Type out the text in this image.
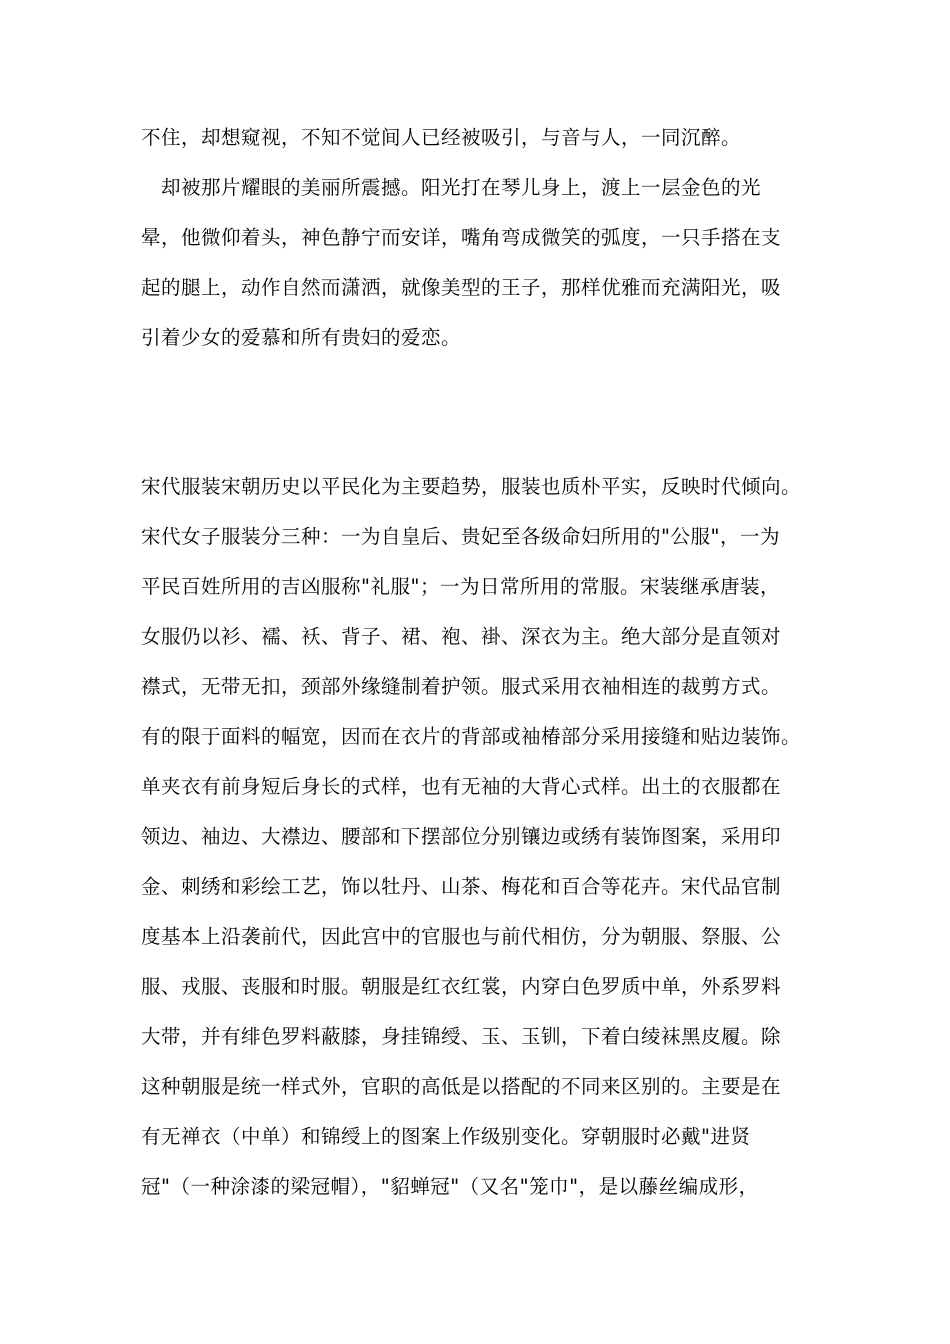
不住，却想窥视，不知不觉间人已经被吸引，与音与人，一同沉醉。
　却被那片耀眼的美丽所震撼。阳光打在琴儿身上，渡上一层金色的光
晕，他微仰着头，神色静宁而安详，嘴角弯成微笑的弧度，一只手搭在支
起的腿上，动作自然而潇洒，就像美型的王子，那样优雅而充满阳光，吸
引着少女的爱慕和所有贵妇的爱恋。
宋代服装宋朝历史以平民化为主要趋势，服装也质朴平实，反映时代倾向。
宋代女子服装分三种：一为自皇后、贵妃至各级命妇所用的"公服"，一为
平民百姓所用的吉凶服称"礼服"；一为日常所用的常服。宋装继承唐装，
女服仍以衫、襦、袄、背子、裙、袍、褂、深衣为主。绝大部分是直领对
襟式，无带无扣，颈部外缘缝制着护领。服式采用衣袖相连的裁剪方式。
有的限于面料的幅宽，因而在衣片的背部或袖椿部分采用接缝和贴边装饰。
单夹衣有前身短后身长的式样，也有无袖的大背心式样。出土的衣服都在
领边、袖边、大襟边、腰部和下摆部位分别镶边或绣有装饰图案，采用印
金、刺绣和彩绘工艺，饰以牡丹、山茶、梅花和百合等花卉。宋代品官制
度基本上沿袭前代，因此宫中的官服也与前代相仿，分为朝服、祭服、公
服、戎服、丧服和时服。朝服是红衣红裳，内穿白色罗质中单，外系罗料
大带，并有绯色罗料蔽膝，身挂锦绶、玉、玉钏，下着白绫袜黑皮履。除
这种朝服是统一样式外，官职的高低是以搭配的不同来区别的。主要是在
有无禅衣（中单）和锦绶上的图案上作级别变化。穿朝服时必戴"进贤
冠"（一种涂漆的梁冠帽），"貂蝉冠"（又名"笼巾"，是以藤丝编成形，
